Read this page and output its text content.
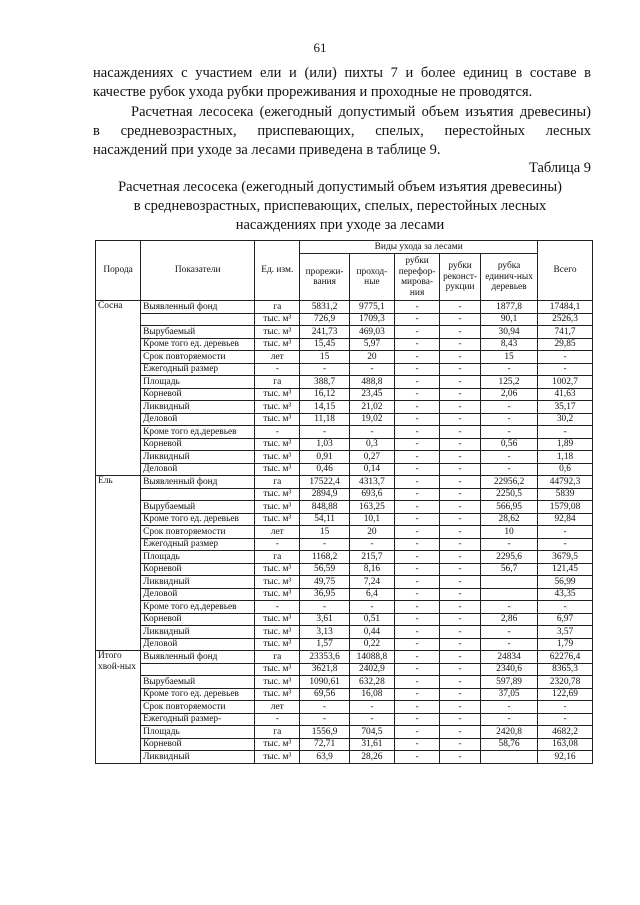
61
насаждениях с участием ели и (или) пихты 7 и более единиц в составе в
качестве рубок ухода рубки прореживания и проходные не проводятся.
Расчетная лесосека (ежегодный допустимый объем изъятия древесины)
в средневозрастных, приспевающих, спелых, перестойных лесных
насаждений при уходе за лесами приведена в таблице 9.
Таблица 9
Расчетная лесосека (ежегодный допустимый объем изъятия древесины)
в средневозрастных, приспевающих, спелых, перестойных лесных
насаждениях при уходе за лесами
Порода	Показатели	Ед. изм.	Виды ухода за лесами					Всего
			прорежи-вания	проход-ные	рубки перефор-мирова-ния	рубки реконст-рукции	рубка единич-ных деревьев	
Сосна	Выявленный фонд	га	5831,2	9775,1	-	-	1877,8	17484,1
		тыс. м³	726,9	1709,3	-	-	90,1	2526,3
	Вырубаемый	тыс. м³	241,73	469,03	-	-	30,94	741,7
	Кроме того ед. деревьев	тыс. м³	15,45	5,97	-	-	8,43	29,85
	Срок повторяемости	лет	15	20	-	-	15	-
	Ежегодный размер	-	-	-	-	-	-	-
	Площадь	га	388,7	488,8	-	-	125,2	1002,7
	Корневой	тыс. м³	16,12	23,45	-	-	2,06	41,63
	Ликвидный	тыс. м³	14,15	21,02	-	-	-	35,17
	Деловой	тыс. м³	11,18	19,02	-	-	-	30,2
	Кроме того ед.деревьев	-	-	-	-	-	-	-
	Корневой	тыс. м³	1,03	0,3	-	-	0,56	1,89
	Ликвидный	тыс. м³	0,91	0,27	-	-	-	1,18
	Деловой	тыс. м³	0,46	0,14	-	-	-	0,6
Ель	Выявленный фонд	га	17522,4	4313,7	-	-	22956,2	44792,3
		тыс. м³	2894,9	693,6	-	-	2250,5	5839
	Вырубаемый	тыс. м³	848,88	163,25	-	-	566,95	1579,08
	Кроме того ед. деревьев	тыс. м³	54,11	10,1	-	-	28,62	92,84
	Срок повторяемости	лет	15	20	-	-	10	-
	Ежегодный размер	-	-	-	-	-	-	-
	Площадь	га	1168,2	215,7	-	-	2295,6	3679,5
	Корневой	тыс. м³	56,59	8,16	-	-	56,7	121,45
	Ликвидный	тыс. м³	49,75	7,24	-	-		56,99
	Деловой	тыс. м³	36,95	6,4	-	-		43,35
	Кроме того ед.деревьев	-	-	-	-	-	-	-
	Корневой	тыс. м³	3,61	0,51	-	-	2,86	6,97
	Ликвидный	тыс. м³	3,13	0,44	-	-	-	3,57
	Деловой	тыс. м³	1,57	0,22	-	-	-	1,79
Итого хвой-ных	Выявленный фонд	га	23353,6	14088,8	-	-	24834	62276,4
		тыс. м³	3621,8	2402,9	-	-	2340,6	8365,3
	Вырубаемый	тыс. м³	1090,61	632,28	-	-	597,89	2320,78
	Кроме того ед. деревьев	тыс. м³	69,56	16,08	-	-	37,05	122,69
	Срок повторяемости	лет	-	-	-	-	-	-
	Ежегодный размер-	-	-	-	-	-	-	-
	Площадь	га	1556,9	704,5	-	-	2420,8	4682,2
	Корневой	тыс. м³	72,71	31,61	-	-	58,76	163,08
	Ликвидный	тыс. м³	63,9	28,26	-	-		92,16
